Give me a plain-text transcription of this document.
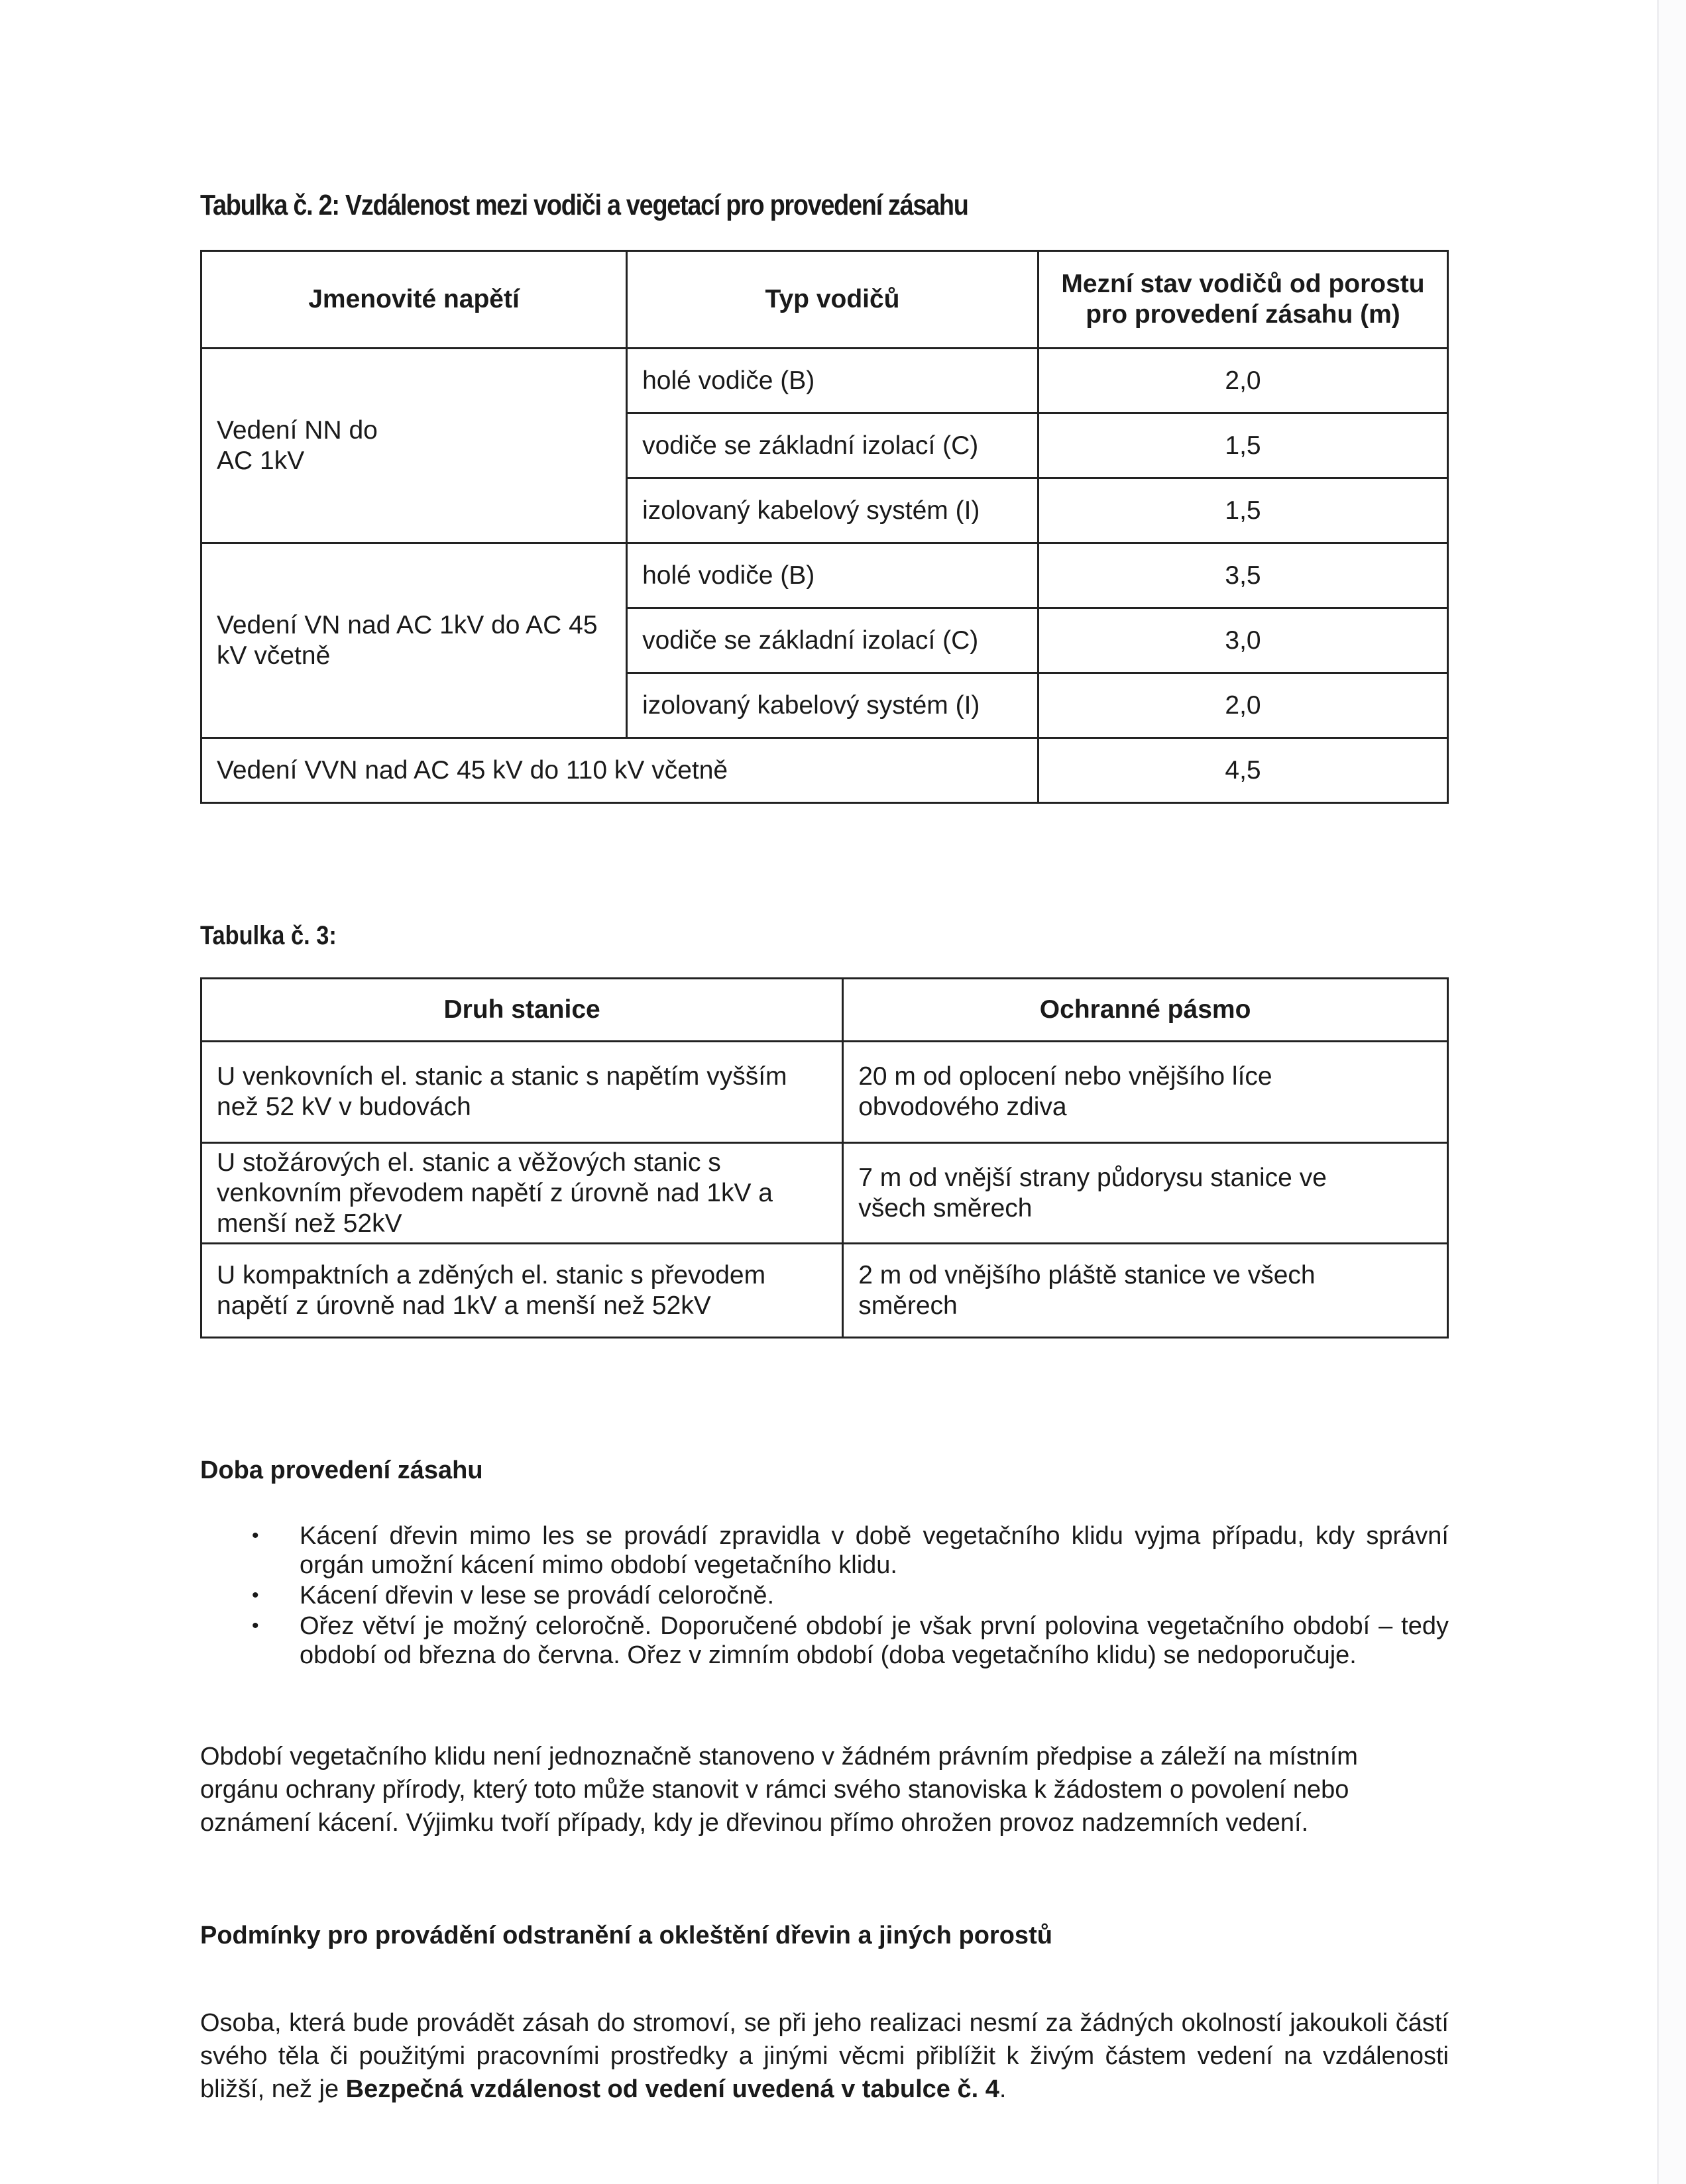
Tabulka č. 2: Vzdálenost mezi vodiči a vegetací pro provedení zásahu
Jmenovité napětí	Typ vodičů	Mezní stav vodičů od porostu pro provedení zásahu (m)
Vedení NN do AC 1kV	holé vodiče (B)	2,0
	vodiče se základní izolací (C)	1,5
	izolovaný kabelový systém (I)	1,5
Vedení VN nad AC 1kV do AC 45 kV včetně	holé vodiče (B)	3,5
	vodiče se základní izolací (C)	3,0
	izolovaný kabelový systém (I)	2,0
Vedení VVN nad AC 45 kV do 110 kV včetně		4,5
Tabulka č. 3:
Druh stanice	Ochranné pásmo
U venkovních el. stanic a stanic s napětím vyšším než 52 kV v budovách	20 m od oplocení nebo vnějšího líce obvodového zdiva
U stožárových el. stanic a věžových stanic s venkovním převodem napětí z úrovně nad 1kV a menší než 52kV	7 m od vnější strany půdorysu stanice ve všech směrech
U kompaktních a zděných el. stanic s převodem napětí z úrovně nad 1kV a menší než 52kV	2 m od vnějšího pláště stanice ve všech směrech
Doba provedení zásahu
• Kácení dřevin mimo les se provádí zpravidla v době vegetačního klidu vyjma případu, kdy správní orgán umožní kácení mimo období vegetačního klidu.
• Kácení dřevin v lese se provádí celoročně.
• Ořez větví je možný celoročně. Doporučené období je však první polovina vegetačního období – tedy období od března do června. Ořez v zimním období (doba vegetačního klidu) se nedoporučuje.
Období vegetačního klidu není jednoznačně stanoveno v žádném právním předpise a záleží na místním orgánu ochrany přírody, který toto může stanovit v rámci svého stanoviska k žádostem o povolení nebo oznámení kácení. Výjimku tvoří případy, kdy je dřevinou přímo ohrožen provoz nadzemních vedení.
Podmínky pro provádění odstranění a okleštění dřevin a jiných porostů
Osoba, která bude provádět zásah do stromoví, se při jeho realizaci nesmí za žádných okolností jakoukoli částí svého těla či použitými pracovními prostředky a jinými věcmi přiblížit k živým částem vedení na vzdálenosti bližší, než je Bezpečná vzdálenost od vedení uvedená v tabulce č. 4.
